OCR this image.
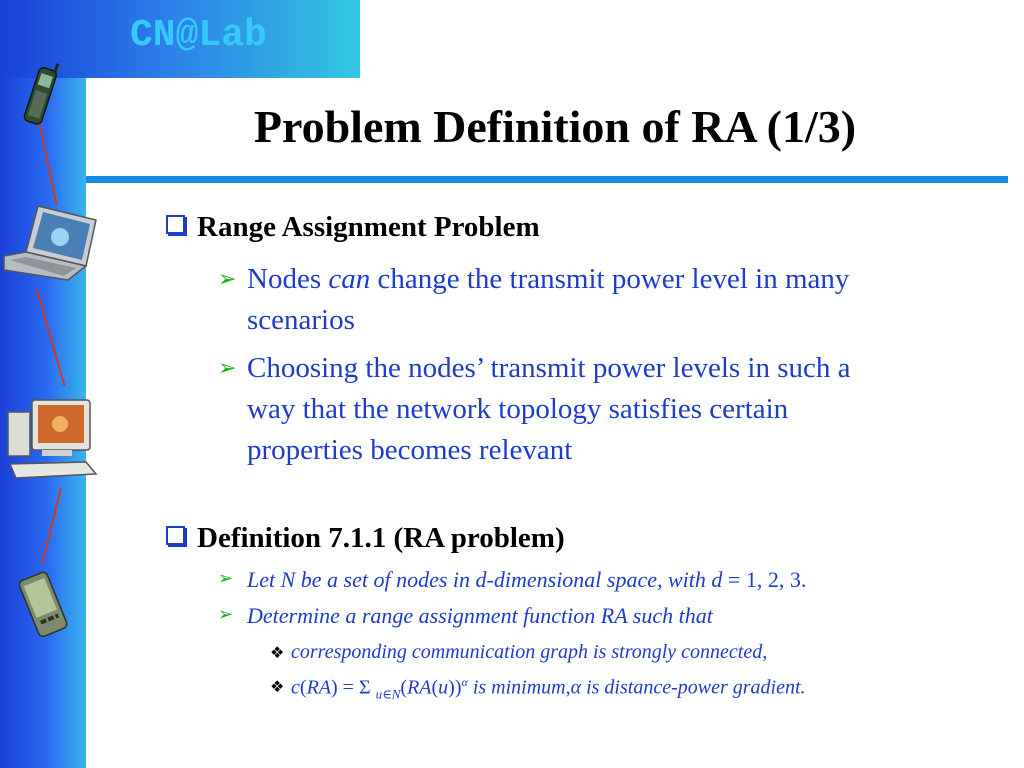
CN@Lab
Problem Definition of RA (1/3)
Range Assignment Problem
➢ Nodes can change the transmit power level in many
scenarios
➢ Choosing the nodes’ transmit power levels in such a
way that the network topology satisfies certain
properties becomes relevant
Definition 7.1.1 (RA problem)
➢ Let N be a set of nodes in d-dimensional space, with d = 1, 2, 3.
➢ Determine a range assignment function RA such that
❖ corresponding communication graph is strongly connected,
❖ c(RA) = Σ $_{u\in N}(RA(u))^\alpha$ is minimum,α is distance-power gradient.
